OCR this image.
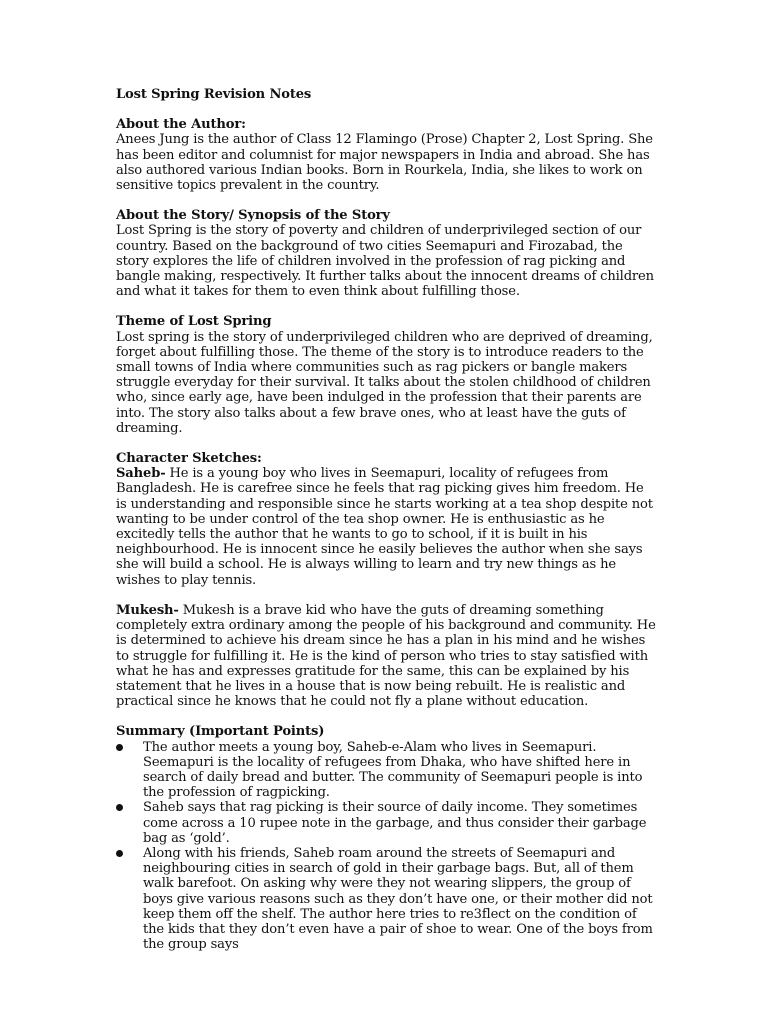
Lost Spring Revision Notes
About the Author:

Anees Jung is the author of Class 12 Flamingo (Prose) Chapter 2, Lost Spring. She has been editor and columnist for major newspapers in India and abroad. She has also authored various Indian books. Born in Rourkela, India, she likes to work on sensitive topics prevalent in the country.

About the Story/ Synopsis of the Story

Lost Spring is the story of poverty and children of underprivileged section of our country. Based on the background of two cities Seemapuri and Firozabad, the story explores the life of children involved in the profession of rag picking and bangle making, respectively. It further talks about the innocent dreams of children and what it takes for them to even think about fulfilling those.

Theme of Lost Spring

Lost spring is the story of underprivileged children who are deprived of dreaming, forget about fulfilling those. The theme of the story is to introduce readers to the small towns of India where communities such as rag pickers or bangle makers struggle everyday for their survival. It talks about the stolen childhood of children who, since early age, have been indulged in the profession that their parents are into. The story also talks about a few brave ones, who at least have the guts of dreaming.

Character Sketches:

Saheb- He is a young boy who lives in Seemapuri, locality of refugees from Bangladesh. He is carefree since he feels that rag picking gives him freedom. He is understanding and responsible since he starts working at a tea shop despite not wanting to be under control of the tea shop owner. He is enthusiastic as he excitedly tells the author that he wants to go to school, if it is built in his neighbourhood. He is innocent since he easily believes the author when she says she will build a school. He is always willing to learn and try new things as he wishes to play tennis.

Mukesh- Mukesh is a brave kid who have the guts of dreaming something completely extra ordinary among the people of his background and community. He is determined to achieve his dream since he has a plan in his mind and he wishes to struggle for fulfilling it. He is the kind of person who tries to stay satisfied with what he has and expresses gratitude for the same, this can be explained by his statement that he lives in a house that is now being rebuilt. He is realistic and practical since he knows that he could not fly a plane without education.

Summary (Important Points)
The author meets a young boy, Saheb-e-Alam who lives in Seemapuri. Seemapuri is the locality of refugees from Dhaka, who have shifted here in search of daily bread and butter. The community of Seemapuri people is into the profession of ragpicking.
Saheb says that rag picking is their source of daily income. They sometimes come across a 10 rupee note in the garbage, and thus consider their garbage bag as ‘gold’.
Along with his friends, Saheb roam around the streets of Seemapuri and neighbouring cities in search of gold in their garbage bags. But, all of them walk barefoot. On asking why were they not wearing slippers, the group of boys give various reasons such as they don’t have one, or their mother did not keep them off the shelf. The author here tries to re3flect on the condition of the kids that they don’t even have a pair of shoe to wear. One of the boys from the group says
